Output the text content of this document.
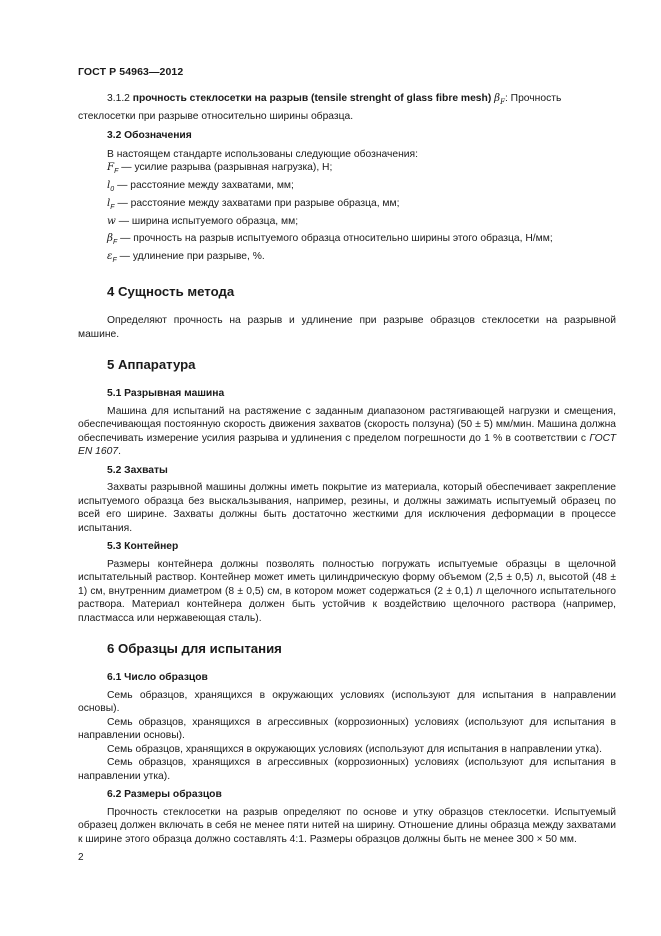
ГОСТ Р 54963—2012

3.1.2 прочность стеклосетки на разрыв (tensile strenght of glass fibre mesh) $\beta_F$: Прочность

стеклосетки при разрыве относительно ширины образца.

3.2 Обозначения

В настоящем стандарте использованы следующие обозначения:

$F_F$ — усилие разрыва (разрывная нагрузка), Н;
$l_0$ — расстояние между захватами, мм;
$l_F$ — расстояние между захватами при разрыве образца, мм;
w — ширина испытуемого образца, мм;
$\beta_F$ — прочность на разрыв испытуемого образца относительно ширины этого образца, Н/мм;
$\varepsilon_F$ — удлинение при разрыве, %.
4 Сущность метода

Определяют прочность на разрыв и удлинение при разрыве образцов стеклосетки на разрывной машине.

5 Аппаратура
5.1 Разрывная машина

Машина для испытаний на растяжение с заданным диапазоном растягивающей нагрузки и смещения, обеспечивающая постоянную скорость движения захватов (скорость ползуна) (50 ± 5) мм/мин. Машина должна обеспечивать измерение усилия разрыва и удлинения с пределом погрешности до 1 % в соответствии с ГОСТ EN 1607.

5.2 Захваты

Захваты разрывной машины должны иметь покрытие из материала, который обеспечивает закрепление испытуемого образца без выскальзывания, например, резины, и должны зажимать испытуемый образец по всей его ширине. Захваты должны быть достаточно жесткими для исключения деформации в процессе испытания.

5.3 Контейнер

Размеры контейнера должны позволять полностью погружать испытуемые образцы в щелочной испытательный раствор. Контейнер может иметь цилиндрическую форму объемом (2,5 ± 0,5) л, высотой (48 ± 1) см, внутренним диаметром (8 ± 0,5) см, в котором может содержаться (2 ± 0,1) л щелочного испытательного раствора. Материал контейнера должен быть устойчив к воздействию щелочного раствора (например, пластмасса или нержавеющая сталь).

6 Образцы для испытания
6.1 Число образцов

Семь образцов, хранящихся в окружающих условиях (используют для испытания в направлении основы).

Семь образцов, хранящихся в агрессивных (коррозионных) условиях (используют для испытания в направлении основы).

Семь образцов, хранящихся в окружающих условиях (используют для испытания в направлении утка).

Семь образцов, хранящихся в агрессивных (коррозионных) условиях (используют для испытания в направлении утка).

6.2 Размеры образцов

Прочность стеклосетки на разрыв определяют по основе и утку образцов стеклосетки. Испытуемый образец должен включать в себя не менее пяти нитей на ширину. Отношение длины образца между захватами к ширине этого образца должно составлять 4:1. Размеры образцов должны быть не менее 300 × 50 мм.

2
